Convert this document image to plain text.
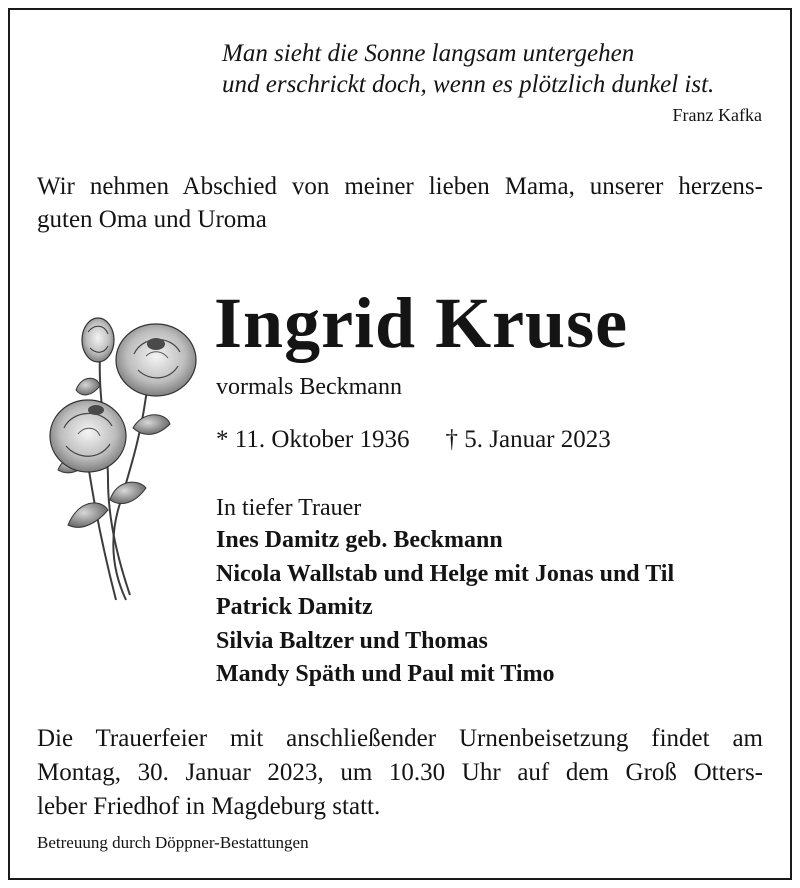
Man sieht die Sonne langsam untergehen
und erschrickt doch, wenn es plötzlich dunkel ist.
Franz Kafka
Wir nehmen Abschied von meiner lieben Mama, unserer herzens-
guten Oma und Uroma
Ingrid Kruse
vormals Beckmann
* 11. Oktober 1936 † 5. Januar 2023
In tiefer Trauer
Ines Damitz geb. Beckmann
Nicola Wallstab und Helge mit Jonas und Til
Patrick Damitz
Silvia Baltzer und Thomas
Mandy Späth und Paul mit Timo
Die Trauerfeier mit anschließender Urnenbeisetzung findet am
Montag, 30. Januar 2023, um 10.30 Uhr auf dem Groß Otters-
leber Friedhof in Magdeburg statt.
Betreuung durch Döppner-Bestattungen
